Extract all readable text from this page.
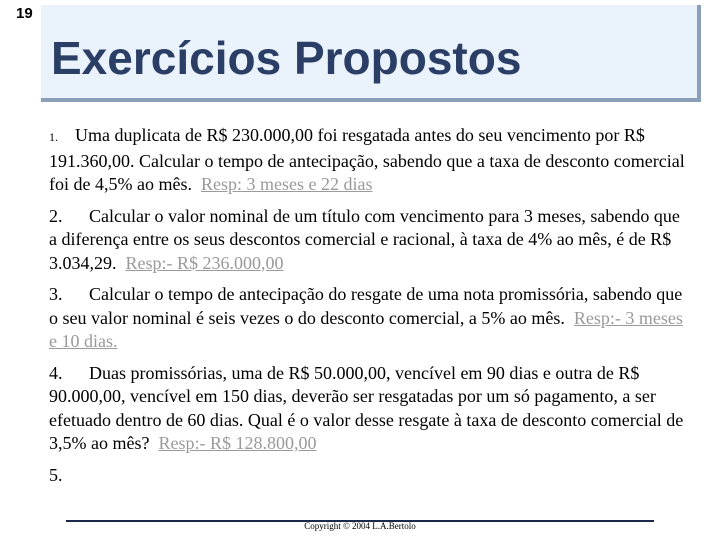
19
Exercícios Propostos

1. Uma duplicata de R$ 230.000,00 foi resgatada antes do seu vencimento por R$ 191.360,00. Calcular o tempo de antecipação, sabendo que a taxa de desconto comercial foi de 4,5% ao mês. Resp: 3 meses e 22 dias

2. Calcular o valor nominal de um título com vencimento para 3 meses, sabendo que a diferença entre os seus descontos comercial e racional, à taxa de 4% ao mês, é de R$ 3.034,29. Resp:- R$ 236.000,00

3. Calcular o tempo de antecipação do resgate de uma nota promissória, sabendo que o seu valor nominal é seis vezes o do desconto comercial, a 5% ao mês. Resp:- 3 meses e 10 dias.

4. Duas promissórias, uma de R$ 50.000,00, vencível em 90 dias e outra de R$ 90.000,00, vencível em 150 dias, deverão ser resgatadas por um só pagamento, a ser efetuado dentro de 60 dias. Qual é o valor desse resgate à taxa de desconto comercial de 3,5% ao mês? Resp:- R$ 128.800,00

5.

Copyright © 2004 L.A.Bertolo
